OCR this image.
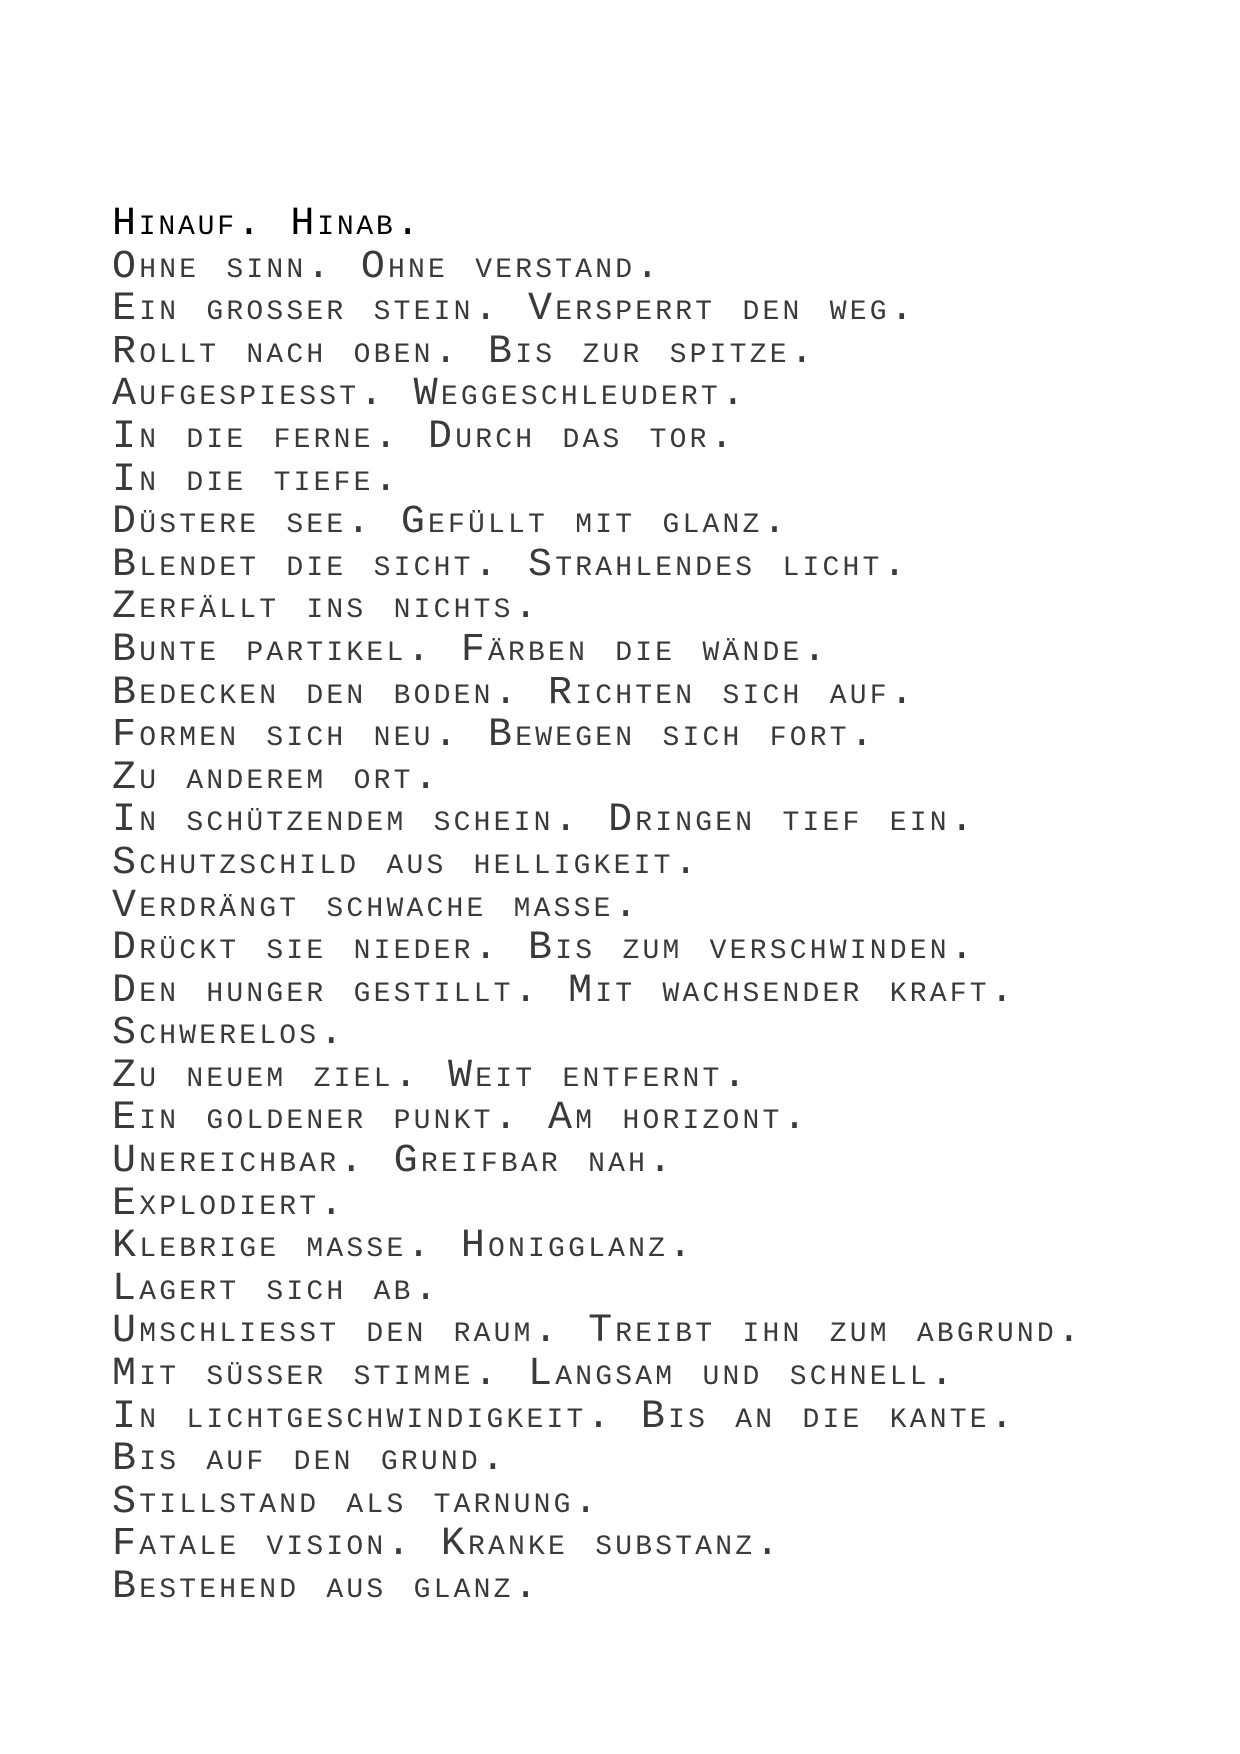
Hinauf. Hinab.
Ohne sinn. Ohne verstand.
Ein grosser stein. Versperrt den weg.
Rollt nach oben. Bis zur spitze.
Aufgespiesst. Weggeschleudert.
In die ferne. Durch das tor.
In die tiefe.
Düstere see. Gefüllt mit glanz.
Blendet die sicht. Strahlendes licht.
Zerfällt ins nichts.
Bunte partikel. Färben die wände.
Bedecken den boden. Richten sich auf.
Formen sich neu. Bewegen sich fort.
Zu anderem ort.
In schützendem schein. Dringen tief ein.
Schutzschild aus helligkeit.
Verdrängt schwache masse.
Drückt sie nieder. Bis zum verschwinden.
Den hunger gestillt. Mit wachsender kraft.
Schwerelos.
Zu neuem ziel. Weit entfernt.
Ein goldener punkt. Am horizont.
Unereichbar. Greifbar nah.
Explodiert.
Klebrige masse. Honigglanz.
Lagert sich ab.
Umschliesst den raum. Treibt ihn zum abgrund.
Mit süsser stimme. Langsam und schnell.
In lichtgeschwindigkeit. Bis an die kante.
Bis auf den grund.
Stillstand als tarnung.
Fatale vision. Kranke substanz.
Bestehend aus glanz.
